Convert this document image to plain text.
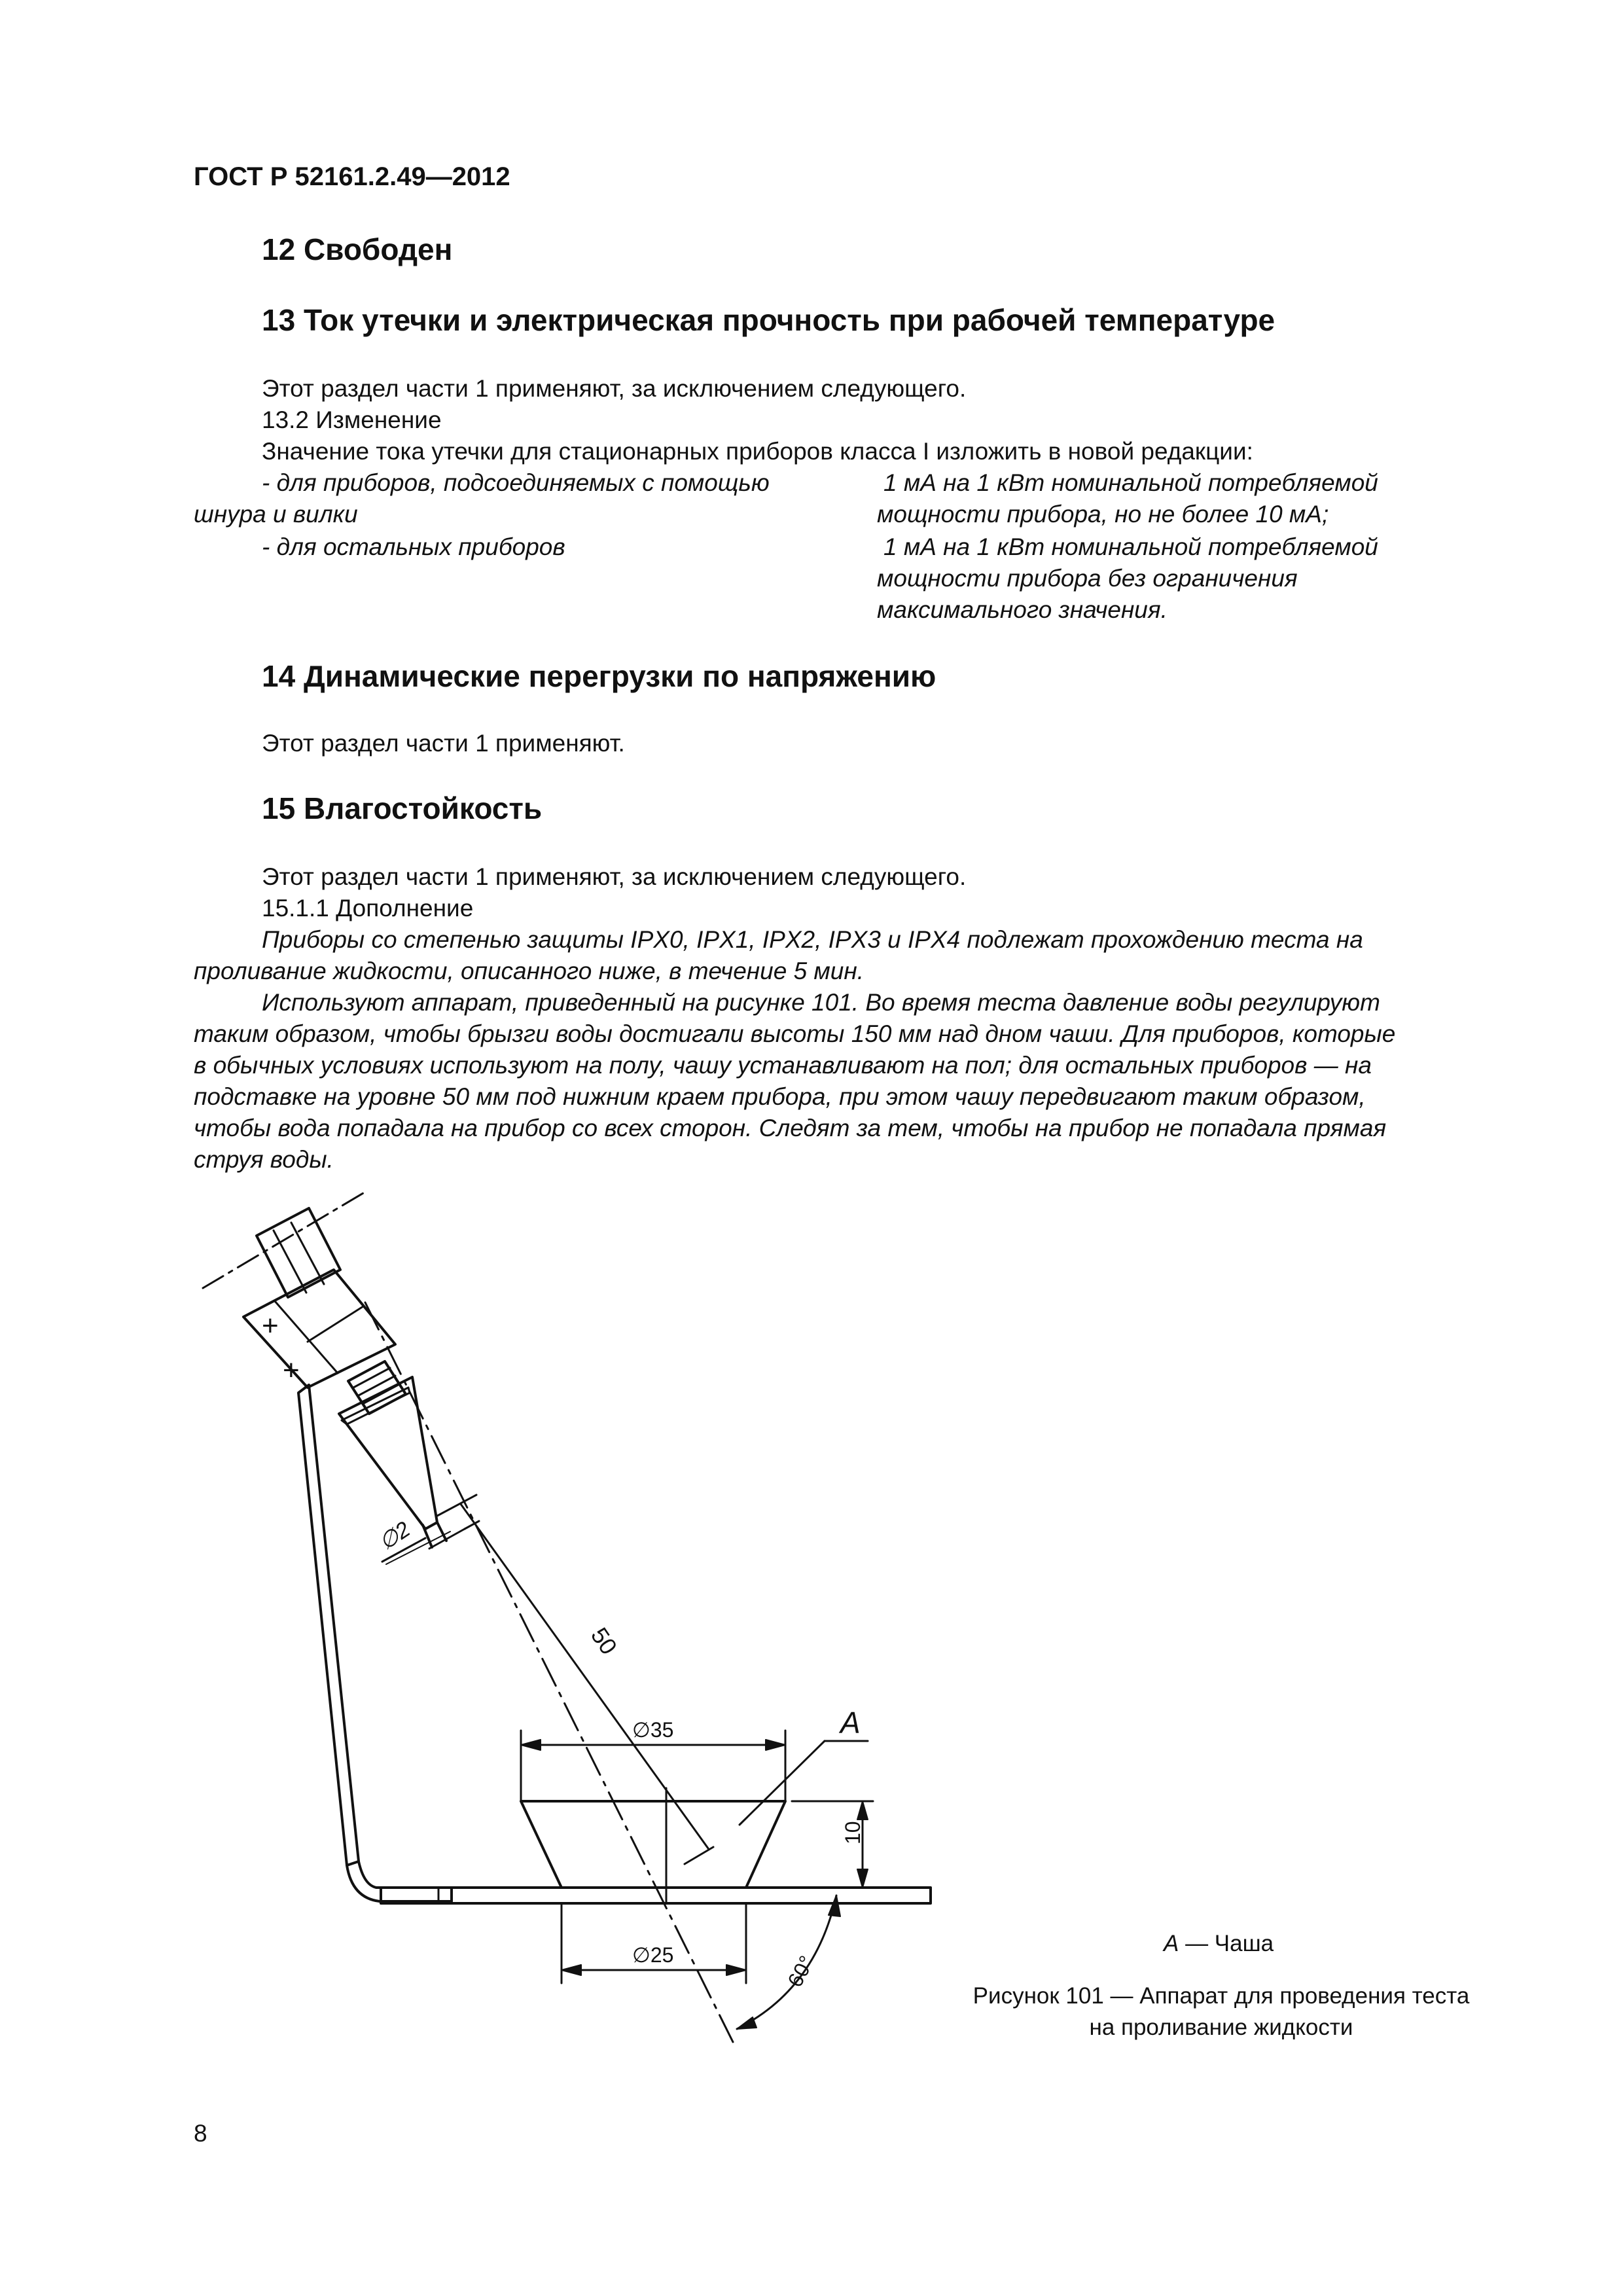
ГОСТ Р 52161.2.49—2012
12 Свободен
13 Ток утечки и электрическая прочность при рабочей температуре
Этот раздел части 1 применяют, за исключением следующего.
13.2 Изменение
Значение тока утечки для стационарных приборов класса I изложить в новой редакции:
- для приборов, подсоединяемых с помощью
шнура и вилки
1 мА на 1 кВт номинальной потребляемой
мощности прибора, но не более 10 мА;
- для остальных приборов	1 мА на 1 кВт номинальной потребляемой
мощности прибора без ограничения
максимального значения.
14 Динамические перегрузки по напряжению
Этот раздел части 1 применяют.
15 Влагостойкость
Этот раздел части 1 применяют, за исключением следующего.
15.1.1 Дополнение
Приборы со степенью защиты IPX0, IPX1, IPX2, IPX3 и IPX4 подлежат прохождению теста на
проливание жидкости, описанного ниже, в течение 5 мин.
Используют аппарат, приведенный на рисунке 101. Во время теста давление воды регулируют
таким образом, чтобы брызги воды достигали высоты 150 мм над дном чаши. Для приборов, которые
в обычных условиях используют на полу, чашу устанавливают на пол; для остальных приборов — на
подставке на уровне 50 мм под нижним краем прибора, при этом чашу передвигают таким образом,
чтобы вода попадала на прибор со всех сторон. Следят за тем, чтобы на прибор не попадала прямая
струя воды.
+
+
∅2
50
∅35
10
∅25	60°
A
A — Чаша
Рисунок 101 — Аппарат для проведения теста
на проливание жидкости
8
